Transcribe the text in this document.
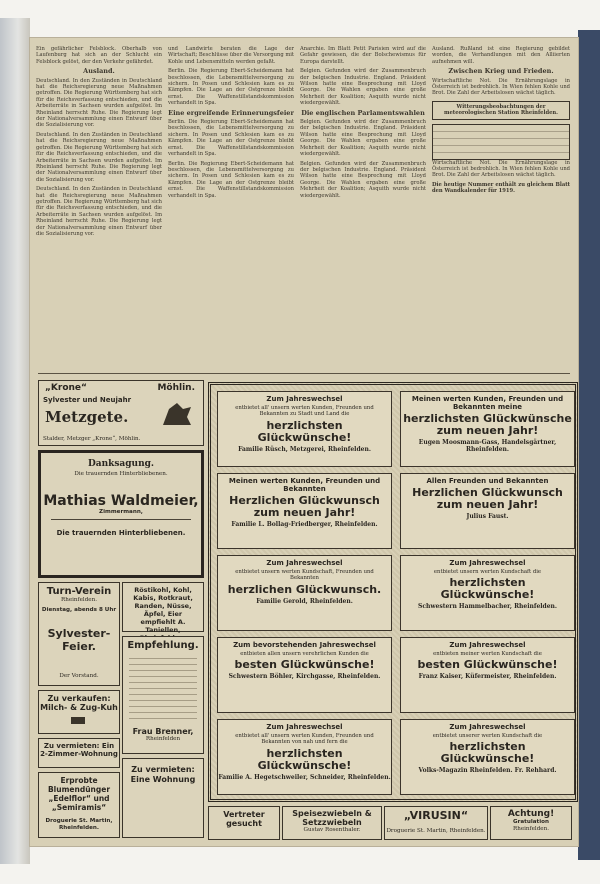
Ein gefährlicher Felsblock. Oberhalb von Laufenburg hat sich an der Schlucht ein Felsblock gelöst, der den Verkehr gefährdet.

Ausland.

Deutschland. In den Zuständen in Deutschland hat die Reichsregierung neue Maßnahmen getroffen. Die Regierung Württemberg hat sich für die Reichsverfassung entschieden, und die Arbeiterräte in Sachsen wurden aufgelöst. Im Rheinland herrscht Ruhe. Die Regierung legt der Nationalversammlung einen Entwurf über die Sozialisierung vor.

Deutschland. In den Zuständen in Deutschland hat die Reichsregierung neue Maßnahmen getroffen. Die Regierung Württemberg hat sich für die Reichsverfassung entschieden, und die Arbeiterräte in Sachsen wurden aufgelöst. Im Rheinland herrscht Ruhe. Die Regierung legt der Nationalversammlung einen Entwurf über die Sozialisierung vor.

Deutschland. In den Zuständen in Deutschland hat die Reichsregierung neue Maßnahmen getroffen. Die Regierung Württemberg hat sich für die Reichsverfassung entschieden, und die Arbeiterräte in Sachsen wurden aufgelöst. Im Rheinland herrscht Ruhe. Die Regierung legt der Nationalversammlung einen Entwurf über die Sozialisierung vor.

und Landwirte beraten die Lage der Wirtschaft; Beschlüsse über die Versorgung mit Kohle und Lebensmitteln werden gefaßt.

Berlin. Die Regierung Ebert-Scheidemann hat beschlossen, die Lebensmittelversorgung zu sichern. In Posen und Schlesien kam es zu Kämpfen. Die Lage an der Ostgrenze bleibt ernst. Die Waffenstillstandskommission verhandelt in Spa.

Eine ergreifende Erinnerungsfeier

Berlin. Die Regierung Ebert-Scheidemann hat beschlossen, die Lebensmittelversorgung zu sichern. In Posen und Schlesien kam es zu Kämpfen. Die Lage an der Ostgrenze bleibt ernst. Die Waffenstillstandskommission verhandelt in Spa.

Berlin. Die Regierung Ebert-Scheidemann hat beschlossen, die Lebensmittelversorgung zu sichern. In Posen und Schlesien kam es zu Kämpfen. Die Lage an der Ostgrenze bleibt ernst. Die Waffenstillstandskommission verhandelt in Spa.

Anarchie. Im Blatt Petit Parisien wird auf die Gefahr gewiesen, die der Bolschewismus für Europa darstellt.

Belgien. Gefunden wird der Zusammenbruch der belgischen Industrie. England. Präsident Wilson hatte eine Besprechung mit Lloyd George. Die Wahlen ergaben eine große Mehrheit der Koalition; Asquith wurde nicht wiedergewählt.

Die englischen Parlamentswahlen

Belgien. Gefunden wird der Zusammenbruch der belgischen Industrie. England. Präsident Wilson hatte eine Besprechung mit Lloyd George. Die Wahlen ergaben eine große Mehrheit der Koalition; Asquith wurde nicht wiedergewählt.

Belgien. Gefunden wird der Zusammenbruch der belgischen Industrie. England. Präsident Wilson hatte eine Besprechung mit Lloyd George. Die Wahlen ergaben eine große Mehrheit der Koalition; Asquith wurde nicht wiedergewählt.

Ausland. Rußland ist eine Regierung gebildet worden, die Verhandlungen mit den Alliierten aufnehmen will.

Zwischen Krieg und Frieden.

Wirtschaftliche Not. Die Ernährungslage in Österreich ist bedrohlich. In Wien fehlen Kohle und Brot. Die Zahl der Arbeitslosen wächst täglich.

Witterungsbeobachtungen der meteorologischen Station Rheinfelden.

Wirtschaftliche Not. Die Ernährungslage in Österreich ist bedrohlich. In Wien fehlen Kohle und Brot. Die Zahl der Arbeitslosen wächst täglich.

Die heutige Nummer enthält zu gleichem Blatt den Wandkalender für 1919.

„Krone“	Möhlin.
Sylvester und Neujahr
Metzgete.
Stalder, Metzger „Krone“, Möhlin.
Danksagung.
Die trauernden Hinterbliebenen.
Mathias Waldmeier,
Zimmermann,
Die trauernden Hinterbliebenen.
Turn-Verein
Rheinfelden.
Dienstag, abends 8 Uhr
Sylvester-Feier.
Der Vorstand.
Röstikohl, Kohl, Kabis, Rotkraut, Randen, Nüsse, Äpfel, Eier empfiehlt A. Taniellen,
Empfehlung.
Frau Brenner,
Rheinfelden
Zu verkaufen:
Milch- & Zug-Kuh
Zu vermieten: Ein 2-Zimmer-Wohnung
Erprobte Blumendünger „Edelflor“ und „Semiramis“
Droguerie St. Martin, Rheinfelden.
Zu vermieten: Eine Wohnung
Zum Jahreswechsel
entbietet all' unsern werten Kunden, Freunden und Bekannten zu Stadt und Land die
herzlichsten Glückwünsche!
Familie Rüsch, Metzgerei, Rheinfelden.
Meinen werten Kunden, Freunden und Bekannten meine
herzlichsten Glückwünsche zum neuen Jahr!
Eugen Moosmann-Gass, Handelsgärtner, Rheinfelden.
Meinen werten Kunden, Freunden und Bekannten
Herzlichen Glückwunsch zum neuen Jahr!
Familie L. Bollag-Friedberger, Rheinfelden.
Allen Freunden und Bekannten
Herzlichen Glückwunsch zum neuen Jahr!
Julius Faust.
Zum Jahreswechsel
entbietet unsern werten Kundschaft, Freunden und Bekannten
herzlichen Glückwunsch.
Familie Gerold, Rheinfelden.
Zum Jahreswechsel
entbietet unsern werten Kundschaft die
herzlichsten Glückwünsche!
Schwestern Hammelbacher, Rheinfelden.
Zum bevorstehenden Jahreswechsel
entbieten allen unsern verehrlichen Kunden die
besten Glückwünsche!
Schwestern Böhler, Kirchgasse, Rheinfelden.
Zum Jahreswechsel
entbieten meiner werten Kundschaft die
besten Glückwünsche!
Franz Kaiser, Küfermeister, Rheinfelden.
Zum Jahreswechsel
entbietet all' unsern werten Kunden, Freunden und Bekannten von nah und fern die
herzlichsten Glückwünsche!
Familie A. Hegetschweiler, Schneider, Rheinfelden.
Zum Jahreswechsel
entbietet unserer werten Kundschaft die
herzlichsten Glückwünsche!
Volks-Magazin Rheinfelden. Fr. Rehhard.
Vertreter gesucht
Speisezwiebeln & Setzzwiebeln
Gustav Rosenthaler.
„VIRUSIN“
Droguerie St. Martin, Rheinfelden.
Achtung!
Gratulation
Rheinfelden.
